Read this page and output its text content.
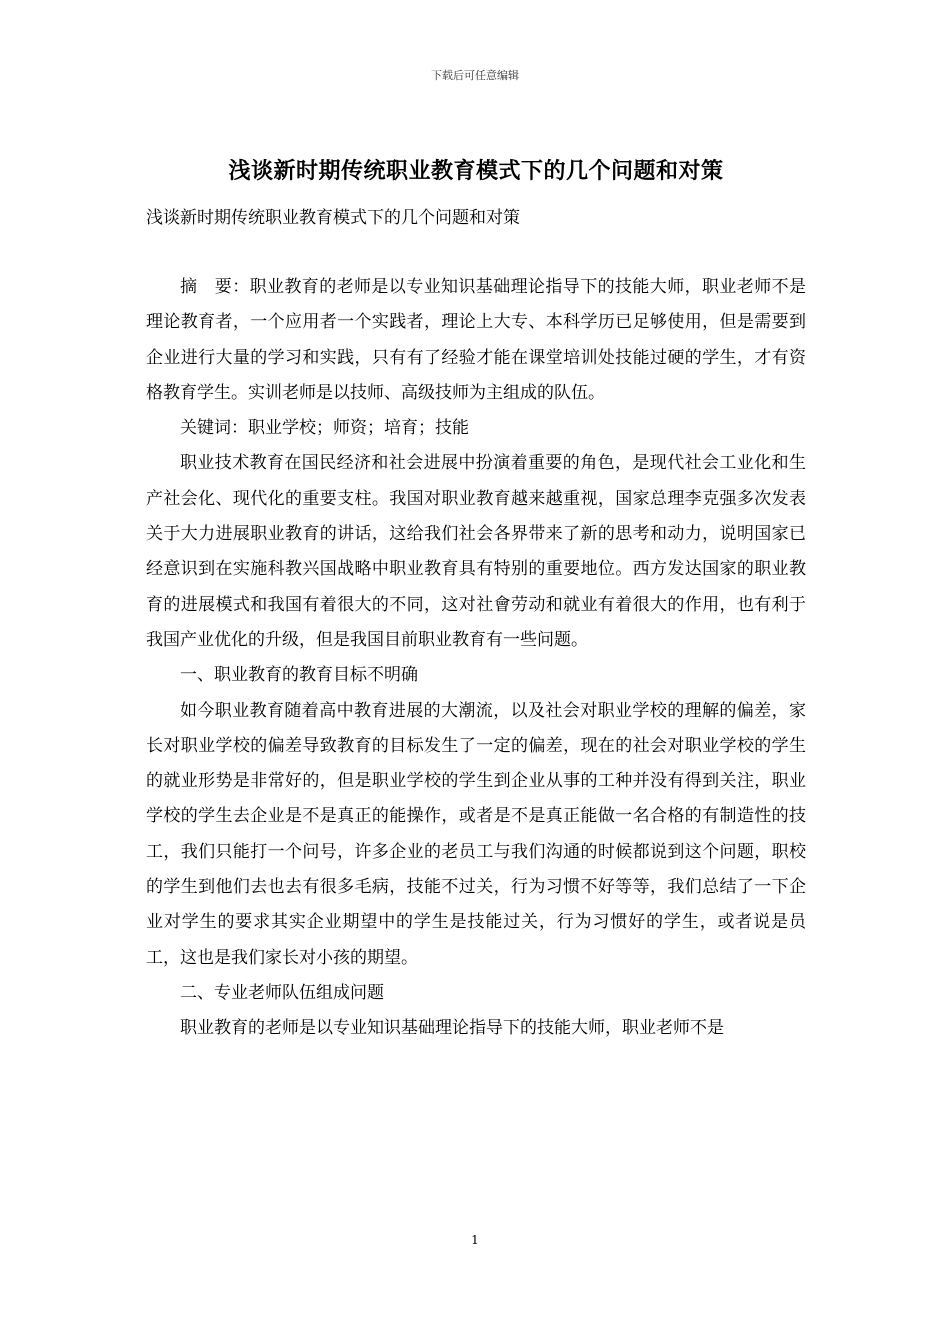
下载后可任意编辑
浅谈新时期传统职业教育模式下的几个问题和对策
浅谈新时期传统职业教育模式下的几个问题和对策

摘　要：职业教育的老师是以专业知识基础理论指导下的技能大师，职业老师不是理论教育者，一个应用者一个实践者，理论上大专、本科学历已足够使用，但是需要到企业进行大量的学习和实践，只有有了经验才能在课堂培训处技能过硬的学生，才有资格教育学生。实训老师是以技师、高级技师为主组成的队伍。

关键词：职业学校；师资；培育；技能

职业技术教育在国民经济和社会进展中扮演着重要的角色，是现代社会工业化和生产社会化、现代化的重要支柱。我国对职业教育越来越重视，国家总理李克强多次发表关于大力进展职业教育的讲话，这给我们社会各界带来了新的思考和动力，说明国家已经意识到在实施科教兴国战略中职业教育具有特别的重要地位。西方发达国家的职业教育的进展模式和我国有着很大的不同，这对社會劳动和就业有着很大的作用，也有利于我国产业优化的升级，但是我国目前职业教育有一些问题。

一、职业教育的教育目标不明确

如今职业教育随着高中教育进展的大潮流，以及社会对职业学校的理解的偏差，家长对职业学校的偏差导致教育的目标发生了一定的偏差，现在的社会对职业学校的学生的就业形势是非常好的，但是职业学校的学生到企业从事的工种并没有得到关注，职业学校的学生去企业是不是真正的能操作，或者是不是真正能做一名合格的有制造性的技工，我们只能打一个问号，许多企业的老员工与我们沟通的时候都说到这个问题，职校的学生到他们去也去有很多毛病，技能不过关，行为习惯不好等等，我们总结了一下企业对学生的要求其实企业期望中的学生是技能过关，行为习惯好的学生，或者说是员工，这也是我们家长对小孩的期望。

二、专业老师队伍组成问题

职业教育的老师是以专业知识基础理论指导下的技能大师，职业老师不是

1
